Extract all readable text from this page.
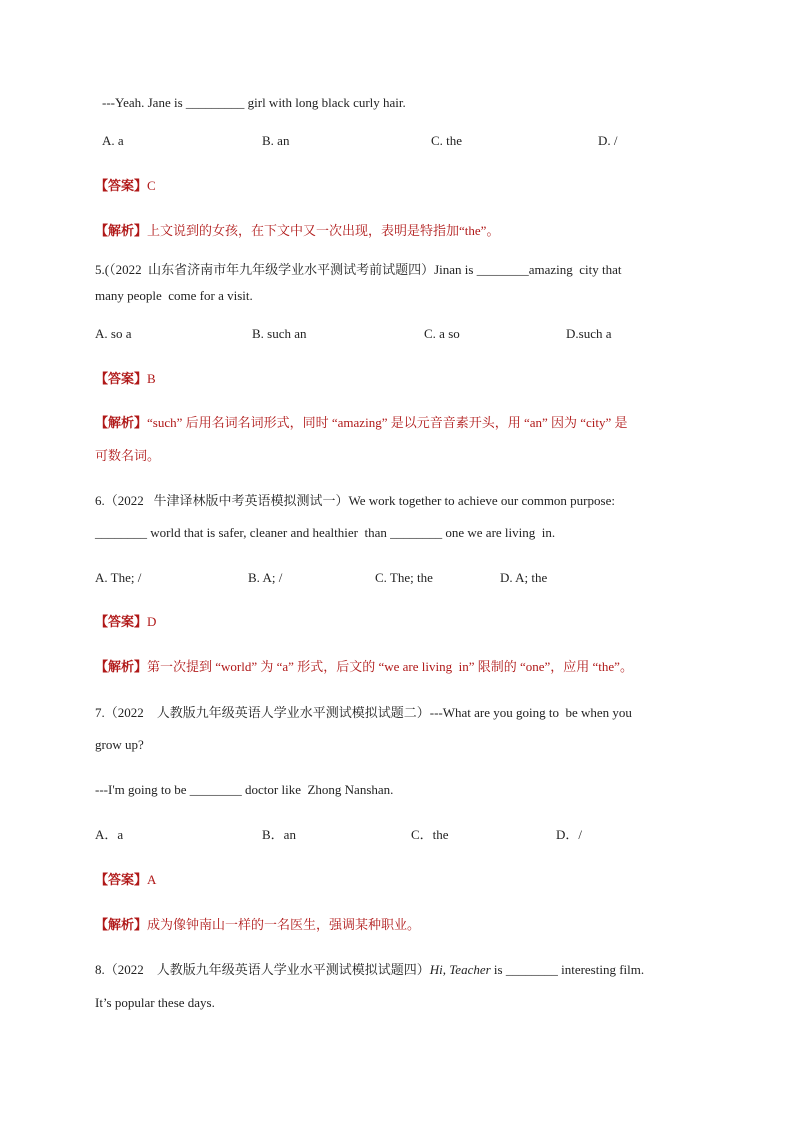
---Yeah. Jane is _________ girl with long black curly hair.
A. a	B. an	C. the	D. /
【答案】C
【解析】上文说到的女孩，在下文中又一次出现，表明是特指加“the”。
5.(（2022  山东省济南市年九年级学业水平测试考前试题四）Jinan is ________amazing  city that
many people  come for a visit.
A. so a	B. such an	C. a so	D.such a
【答案】B
【解析】“such” 后用名词名词形式，同时 “amazing” 是以元音音素开头，用 “an” 因为 “city” 是
可数名词。
6.（2022   牛津译林版中考英语模拟测试一）We work together to achieve our common purpose:
________ world that is safer, cleaner and healthier  than ________ one we are living  in.
A. The; /	B. A; /	C. The; the	D. A; the
【答案】D
【解析】第一次提到 “world” 为 “a” 形式，后文的 “we are living  in” 限制的 “one”，应用 “the”。
7.（2022    人教版九年级英语人学业水平测试模拟试题二）---What are you going to  be when you
grow up?
---I'm going to be ________ doctor like  Zhong Nanshan.
A．a	B．an	C．the	D．/
【答案】A
【解析】成为像钟南山一样的一名医生，强调某种职业。
8.（2022    人教版九年级英语人学业水平测试模拟试题四）Hi, Teacher is ________ interesting film.
It’s popular these days.
